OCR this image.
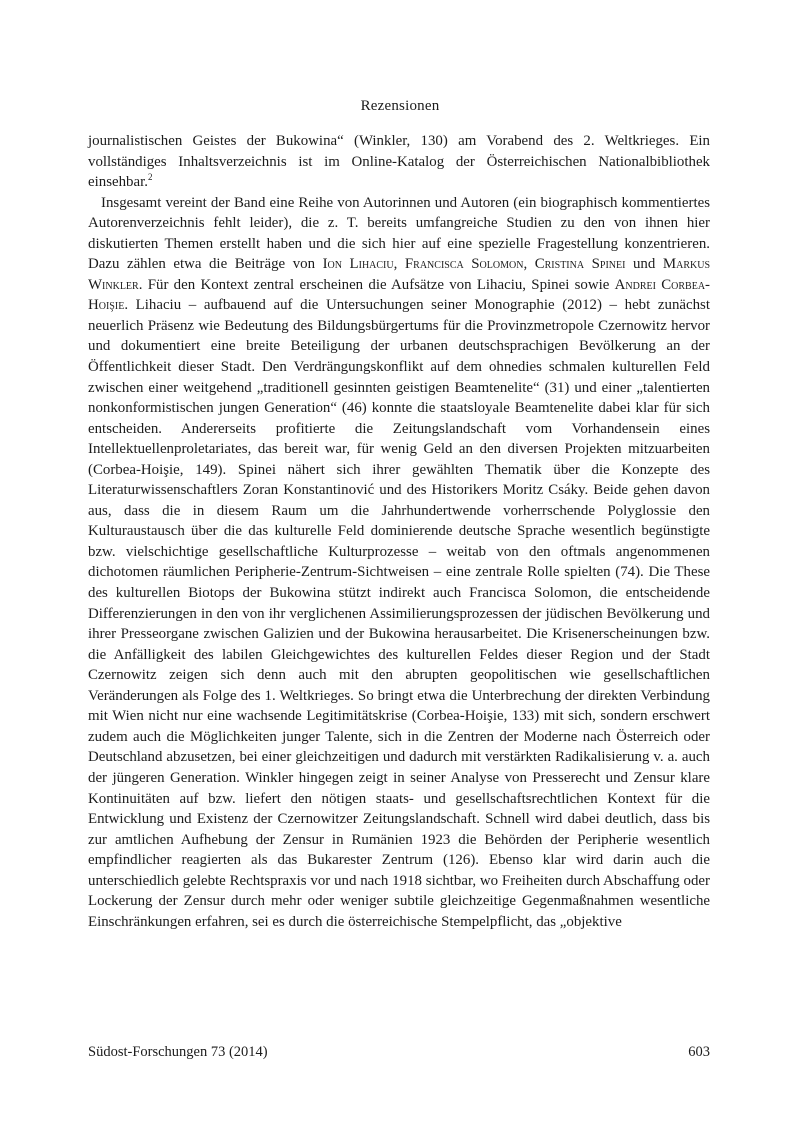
Rezensionen

journalistischen Geistes der Bukowina“ (Winkler, 130) am Vorabend des 2. Weltkrieges. Ein vollständiges Inhaltsverzeichnis ist im Online-Katalog der Österreichischen Nationalbibliothek einsehbar.$^2$

Insgesamt vereint der Band eine Reihe von Autorinnen und Autoren (ein biographisch kommentiertes Autorenverzeichnis fehlt leider), die z. T. bereits umfangreiche Studien zu den von ihnen hier diskutierten Themen erstellt haben und die sich hier auf eine spezielle Fragestellung konzentrieren. Dazu zählen etwa die Beiträge von Ion Lihaciu, Francisca Solomon, Cristina Spinei und Markus Winkler. Für den Kontext zentral erscheinen die Aufsätze von Lihaciu, Spinei sowie Andrei Corbea-Hoişie. Lihaciu – aufbauend auf die Untersuchungen seiner Monographie (2012) – hebt zunächst neuerlich Präsenz wie Bedeutung des Bildungsbürgertums für die Provinzmetropole Czernowitz hervor und dokumentiert eine breite Beteiligung der urbanen deutschsprachigen Bevölkerung an der Öffentlichkeit dieser Stadt. Den Verdrängungskonflikt auf dem ohnedies schmalen kulturellen Feld zwischen einer weitgehend „traditionell gesinnten geistigen Beamtenelite“ (31) und einer „talentierten nonkonformistischen jungen Generation“ (46) konnte die staatsloyale Beamtenelite dabei klar für sich entscheiden. Andererseits profitierte die Zeitungslandschaft vom Vorhandensein eines Intellektuellenproletariates, das bereit war, für wenig Geld an den diversen Projekten mitzuarbeiten (Corbea-Hoişie, 149). Spinei nähert sich ihrer gewählten Thematik über die Konzepte des Literaturwissenschaftlers Zoran Konstantinović und des Historikers Moritz Csáky. Beide gehen davon aus, dass die in diesem Raum um die Jahrhundertwende vorherrschende Polyglossie den Kulturaustausch über die das kulturelle Feld dominierende deutsche Sprache wesentlich begünstigte bzw. vielschichtige gesellschaftliche Kulturprozesse – weitab von den oftmals angenommenen dichotomen räumlichen Peripherie-Zentrum-Sichtweisen – eine zentrale Rolle spielten (74). Die These des kulturellen Biotops der Bukowina stützt indirekt auch Francisca Solomon, die entscheidende Differenzierungen in den von ihr verglichenen Assimilierungsprozessen der jüdischen Bevölkerung und ihrer Presseorgane zwischen Galizien und der Bukowina herausarbeitet. Die Krisenerscheinungen bzw. die Anfälligkeit des labilen Gleichgewichtes des kulturellen Feldes dieser Region und der Stadt Czernowitz zeigen sich denn auch mit den abrupten geopolitischen wie gesellschaftlichen Veränderungen als Folge des 1. Weltkrieges. So bringt etwa die Unterbrechung der direkten Verbindung mit Wien nicht nur eine wachsende Legitimitätskrise (Corbea-Hoişie, 133) mit sich, sondern erschwert zudem auch die Möglichkeiten junger Talente, sich in die Zentren der Moderne nach Österreich oder Deutschland abzusetzen, bei einer gleichzeitigen und dadurch mit verstärkten Radikalisierung v. a. auch der jüngeren Generation. Winkler hingegen zeigt in seiner Analyse von Presserecht und Zensur klare Kontinuitäten auf bzw. liefert den nötigen staats- und gesellschaftsrechtlichen Kontext für die Entwicklung und Existenz der Czernowitzer Zeitungslandschaft. Schnell wird dabei deutlich, dass bis zur amtlichen Aufhebung der Zensur in Rumänien 1923 die Behörden der Peripherie wesentlich empfindlicher reagierten als das Bukarester Zentrum (126). Ebenso klar wird darin auch die unterschiedlich gelebte Rechtspraxis vor und nach 1918 sichtbar, wo Freiheiten durch Abschaffung oder Lockerung der Zensur durch mehr oder weniger subtile gleichzeitige Gegenmaßnahmen wesentliche Einschränkungen erfahren, sei es durch die österreichische Stempelpflicht, das „objektive

Südost-Forschungen 73 (2014)	603
